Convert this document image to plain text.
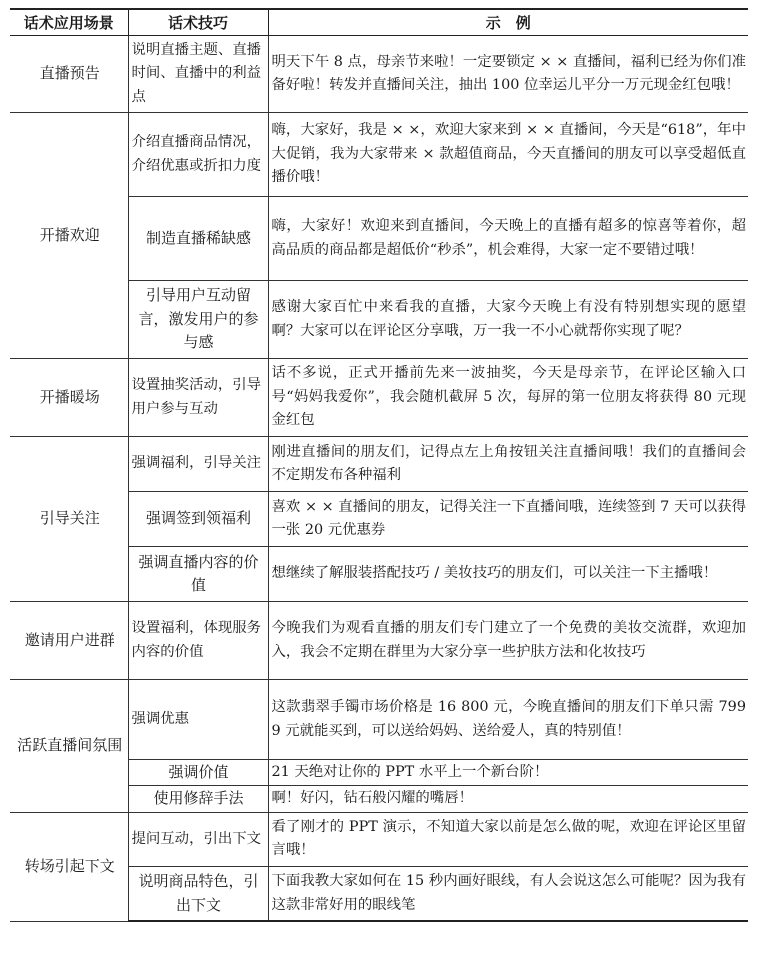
话术应用场景	话术技巧	示　例
直播预告	说明直播主题、直播时间、直播中的利益点	明天下午 8 点，母亲节来啦！一定要锁定 × × 直播间，福利已经为你们准备好啦！转发并直播间关注，抽出 100 位幸运儿平分一万元现金红包哦！
开播欢迎	介绍直播商品情况，介绍优惠或折扣力度	嗨，大家好，我是 × ×，欢迎大家来到 × × 直播间，今天是“618”，年中大促销，我为大家带来 × 款超值商品，今天直播间的朋友可以享受超低直播价哦！
	制造直播稀缺感	嗨，大家好！欢迎来到直播间，今天晚上的直播有超多的惊喜等着你，超高品质的商品都是超低价“秒杀”，机会难得，大家一定不要错过哦！
	引导用户互动留言，激发用户的参与感	感谢大家百忙中来看我的直播，大家今天晚上有没有特别想实现的愿望啊？大家可以在评论区分享哦，万一我一不小心就帮你实现了呢？
开播暖场	设置抽奖活动，引导用户参与互动	话不多说，正式开播前先来一波抽奖，今天是母亲节，在评论区输入口号“妈妈我爱你”，我会随机截屏 5 次，每屏的第一位朋友将获得 80 元现金红包
引导关注	强调福利，引导关注	刚进直播间的朋友们，记得点左上角按钮关注直播间哦！我们的直播间会不定期发布各种福利
	强调签到领福利	喜欢 × × 直播间的朋友，记得关注一下直播间哦，连续签到 7 天可以获得一张 20 元优惠券
	强调直播内容的价值	想继续了解服装搭配技巧 / 美妆技巧的朋友们，可以关注一下主播哦！
邀请用户进群	设置福利，体现服务内容的价值	今晚我们为观看直播的朋友们专门建立了一个免费的美妆交流群，欢迎加入，我会不定期在群里为大家分享一些护肤方法和化妆技巧
活跃直播间氛围	强调优惠	这款翡翠手镯市场价格是 16 800 元，今晚直播间的朋友们下单只需 7999 元就能买到，可以送给妈妈、送给爱人，真的特别值！
	强调价值	21 天绝对让你的 PPT 水平上一个新台阶！
	使用修辞手法	啊！好闪，钻石般闪耀的嘴唇！
转场引起下文	提问互动，引出下文	看了刚才的 PPT 演示，不知道大家以前是怎么做的呢，欢迎在评论区里留言哦！
	说明商品特色，引出下文	下面我教大家如何在 15 秒内画好眼线，有人会说这怎么可能呢？因为我有这款非常好用的眼线笔
